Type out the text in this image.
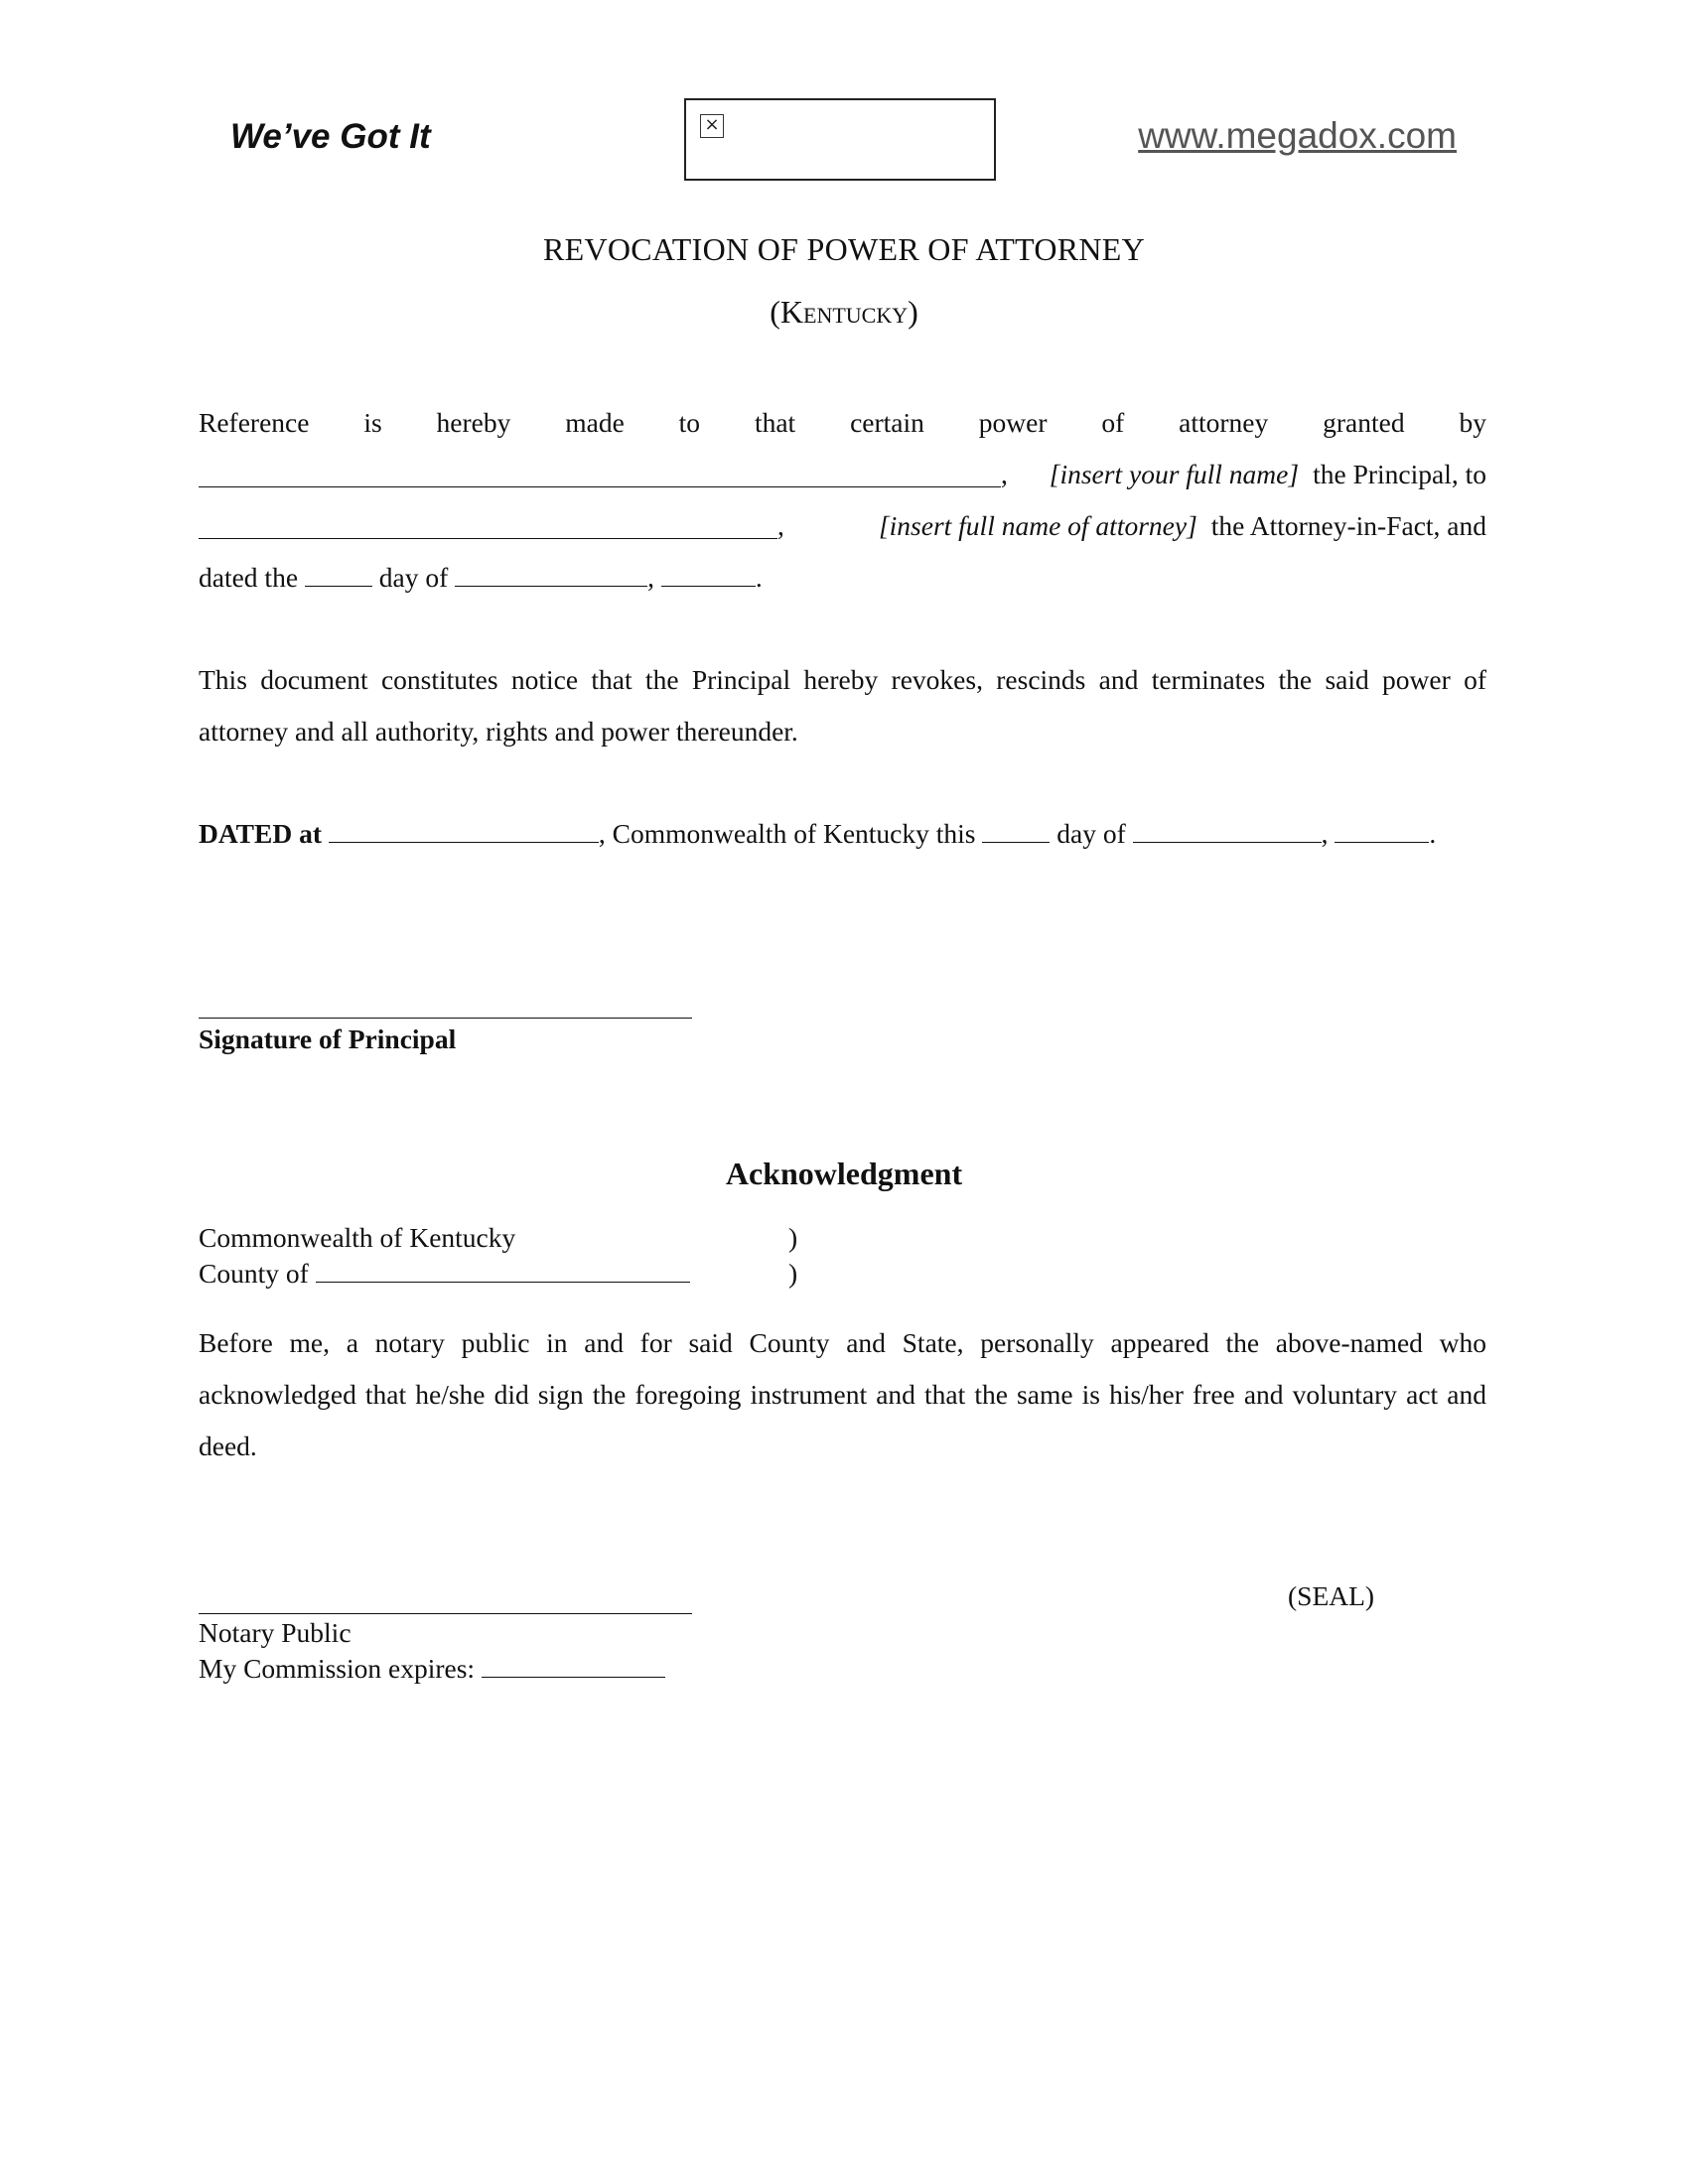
We’ve Got It	×	www.megadox.com
REVOCATION OF POWER OF ATTORNEY
(Kentucky)
Reference is hereby made to that certain power of attorney granted by
, [insert your full name] the Principal, to
,	[insert full name of attorney] the Attorney-in-Fact, and
dated the	day of	,	.
This document constitutes notice that the Principal hereby revokes, rescinds and terminates the said power of attorney and all authority, rights and power thereunder.
DATED at	, Commonwealth of Kentucky this	day of	,	.
Signature of Principal
Acknowledgment
Commonwealth of Kentucky	)
County of	)
Before me, a notary public in and for said County and State, personally appeared the above-named who acknowledged that he/she did sign the foregoing instrument and that the same is his/her free and voluntary act and deed.
(SEAL)
Notary Public
My Commission expires:
